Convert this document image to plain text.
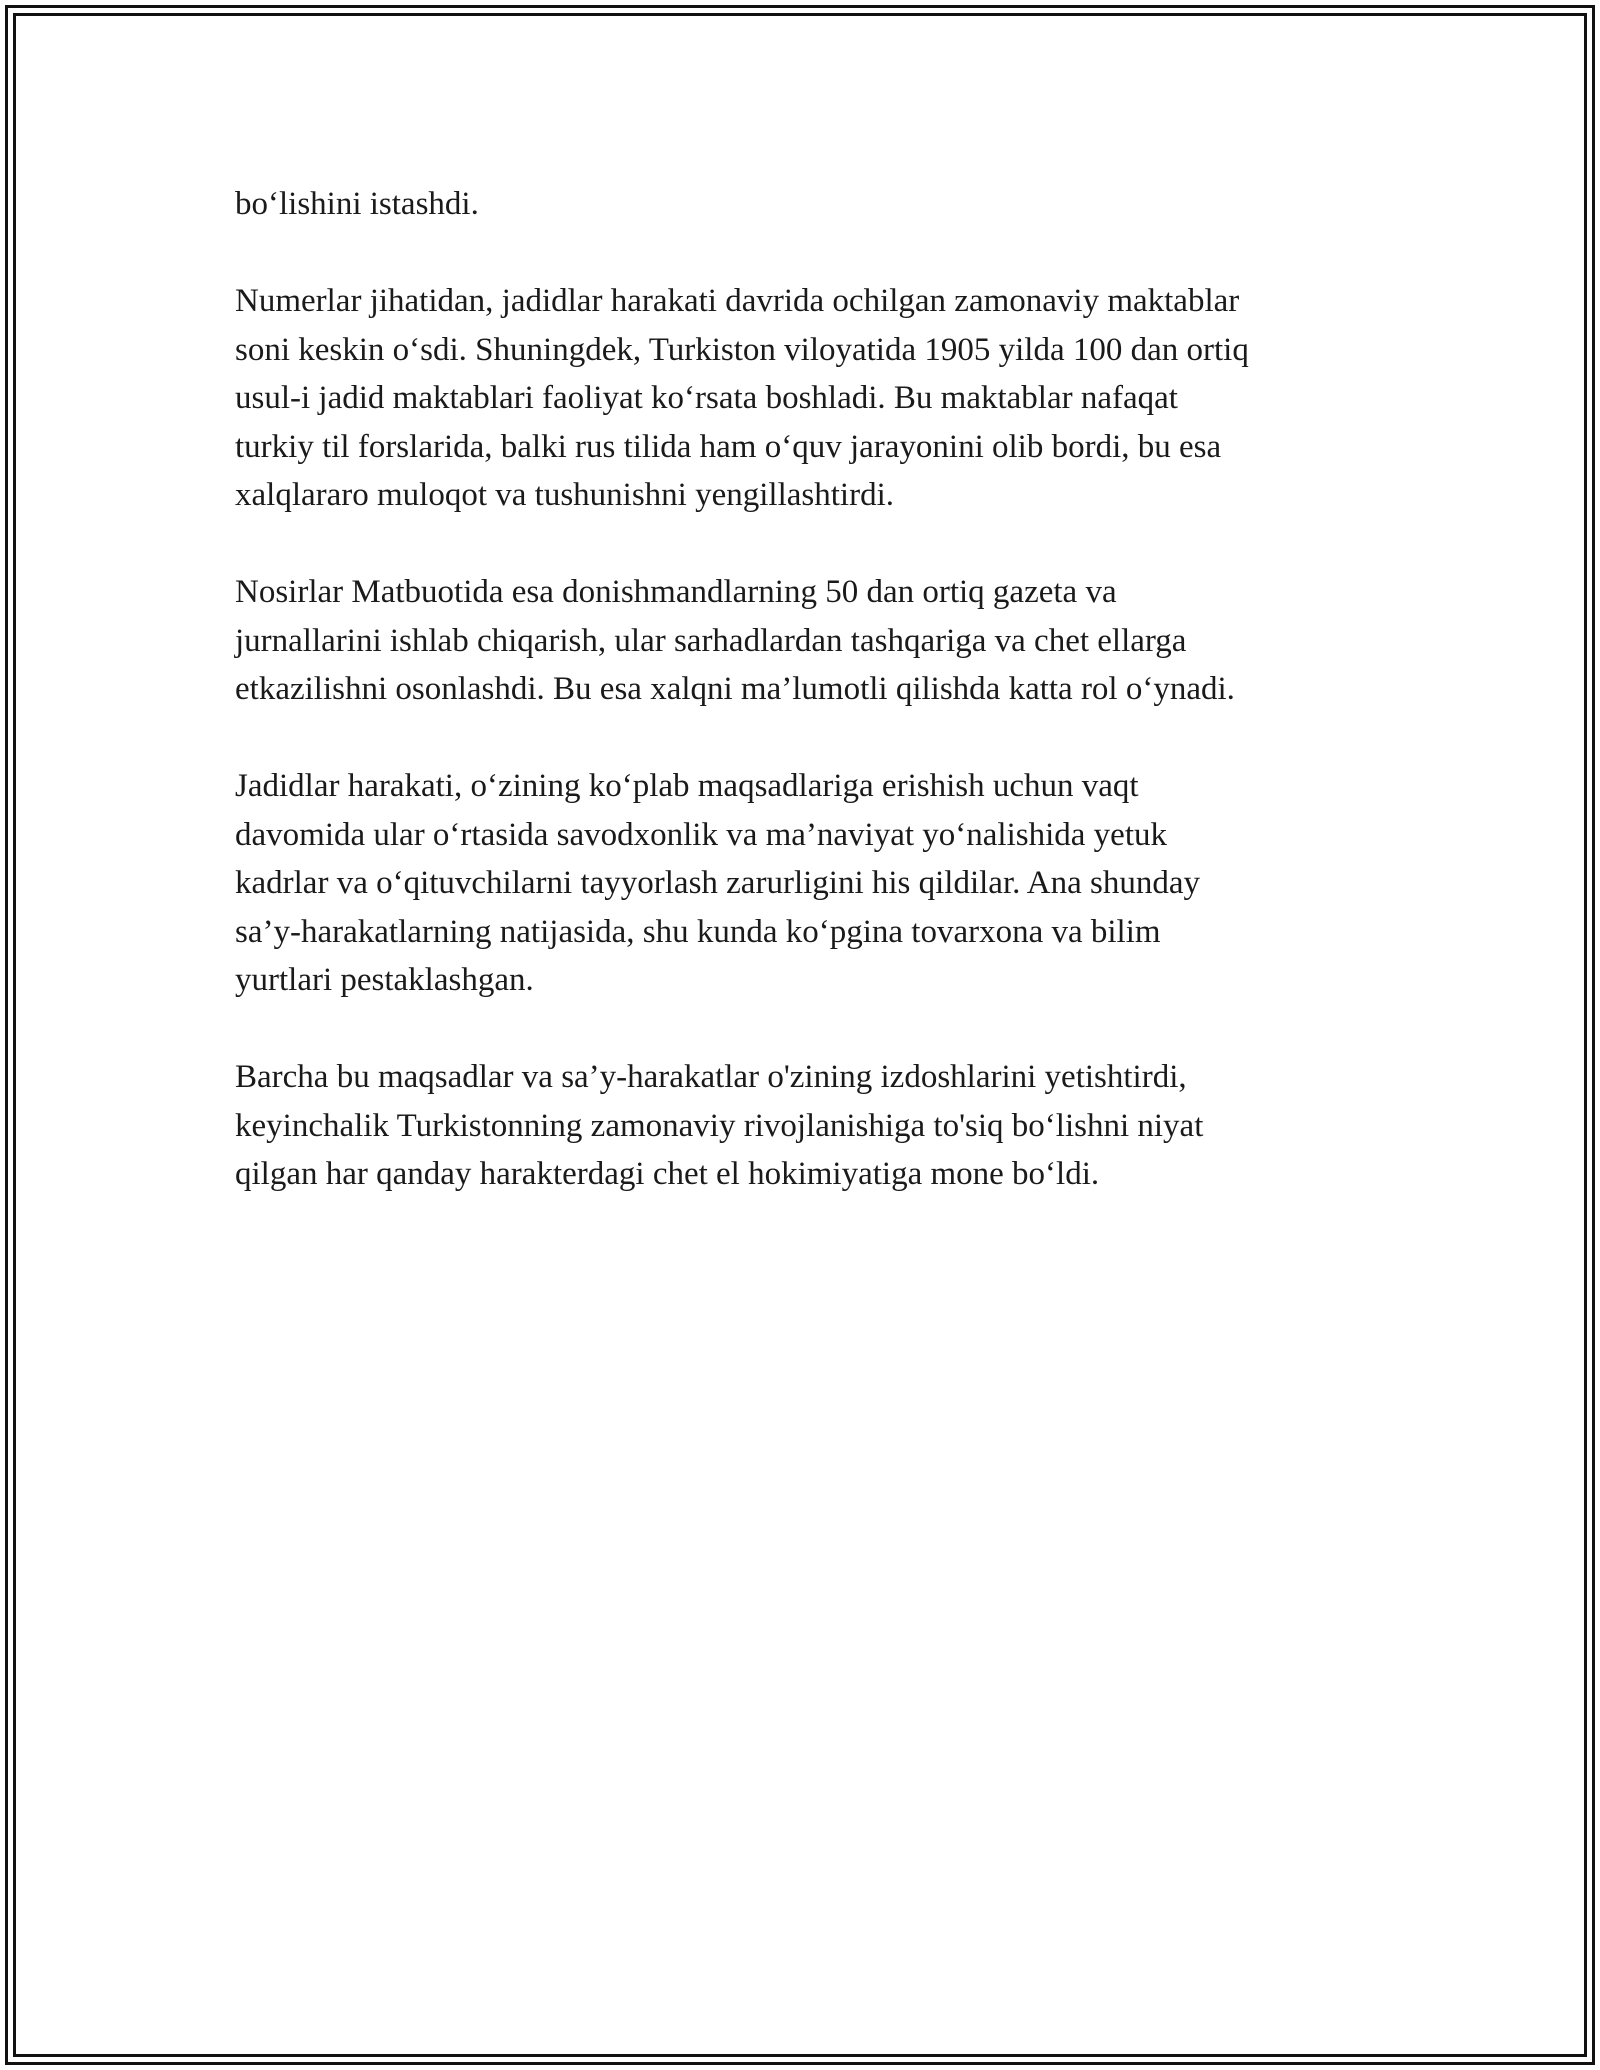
bo‘lishini istashdi.

Numerlar jihatidan, jadidlar harakati davrida ochilgan zamonaviy maktablar
soni keskin o‘sdi. Shuningdek, Turkiston viloyatida 1905 yilda 100 dan ortiq
usul-i jadid maktablari faoliyat ko‘rsata boshladi. Bu maktablar nafaqat
turkiy til forslarida, balki rus tilida ham o‘quv jarayonini olib bordi, bu esa
xalqlararo muloqot va tushunishni yengillashtirdi.

Nosirlar Matbuotida esa donishmandlarning 50 dan ortiq gazeta va
jurnallarini ishlab chiqarish, ular sarhadlardan tashqariga va chet ellarga
etkazilishni osonlashdi. Bu esa xalqni ma’lumotli qilishda katta rol o‘ynadi.

Jadidlar harakati, o‘zining ko‘plab maqsadlariga erishish uchun vaqt
davomida ular o‘rtasida savodxonlik va ma’naviyat yo‘nalishida yetuk
kadrlar va o‘qituvchilarni tayyorlash zarurligini his qildilar. Ana shunday
sa’y-harakatlarning natijasida, shu kunda ko‘pgina tovarxona va bilim
yurtlari pestaklashgan.

Barcha bu maqsadlar va sa’y-harakatlar o'zining izdoshlarini yetishtirdi,
keyinchalik Turkistonning zamonaviy rivojlanishiga to'siq bo‘lishni niyat
qilgan har qanday harakterdagi chet el hokimiyatiga mone bo‘ldi.
